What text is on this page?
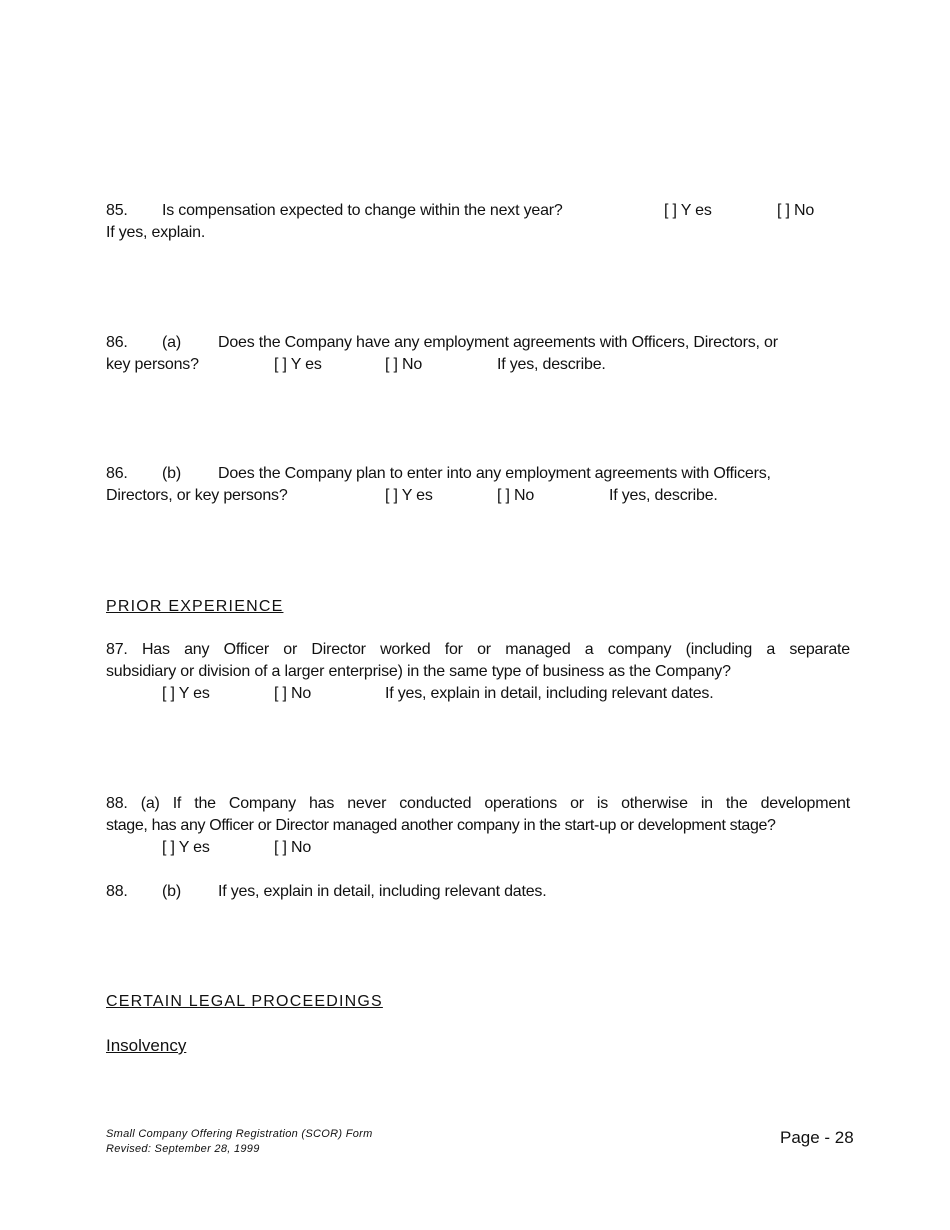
85. Is compensation expected to change within the next year?	[ ] Y es	[ ] No
If yes, explain.
86. (a) Does the Company have any employment agreements with Officers, Directors, or
key persons?	[ ] Y es	[ ] No	If yes, describe.
86. (b) Does the Company plan to enter into any employment agreements with Officers,
Directors, or key persons?	[ ] Y es	[ ] No	If yes, describe.
PRIOR EXPERIENCE
87. Has any Officer or Director worked for or managed a company (including a separate
subsidiary or division of a larger enterprise) in the same type of business as the Company?
[ ] Y es	[ ] No	If yes, explain in detail, including relevant dates.
88. (a) If the Company has never conducted operations or is otherwise in the development
stage, has any Officer or Director managed another company in the start-up or development stage?
[ ] Y es	[ ] No
88. (b) If yes, explain in detail, including relevant dates.
CERTAIN LEGAL PROCEEDINGS
Insolvency
Small Company Offering Registration (SCOR) Form
Revised: September 28, 1999
Page - 28
